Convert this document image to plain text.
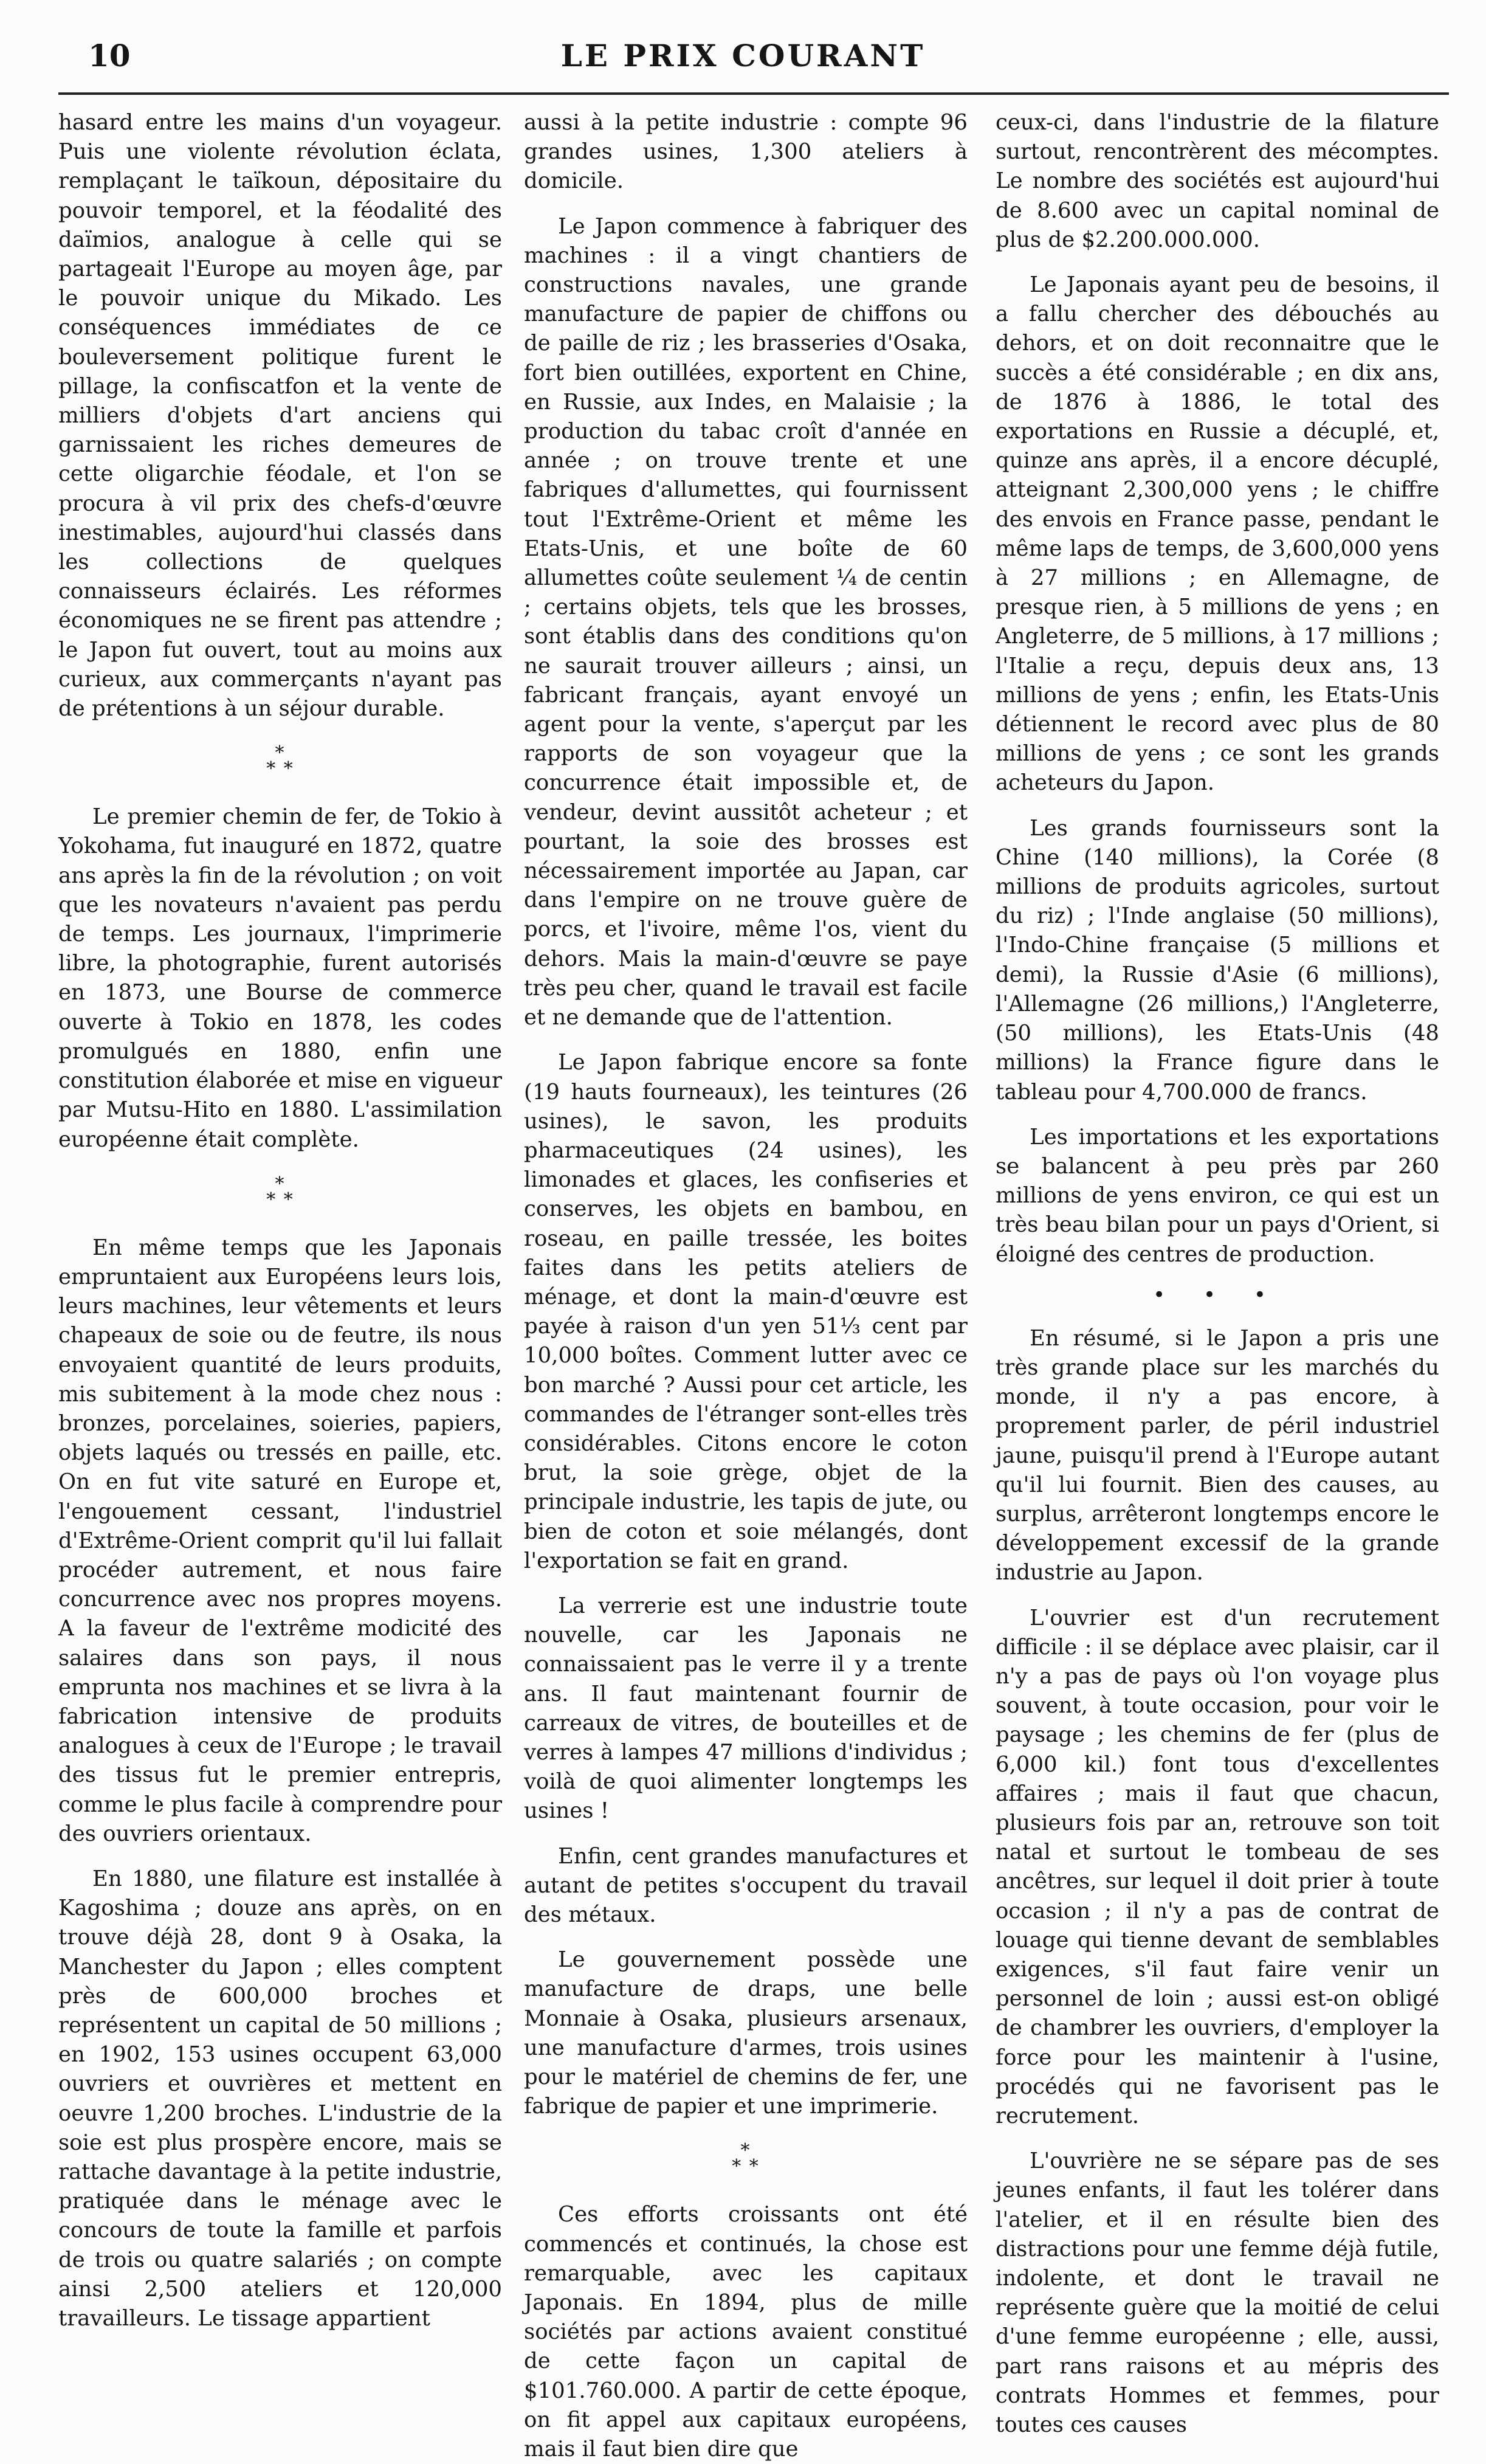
10	LE PRIX COURANT

hasard entre les mains d'un voyageur. Puis une violente révolution éclata, remplaçant le taïkoun, dépositaire du pouvoir temporel, et la féodalité des daïmios, analogue à celle qui se partageait l'Europe au moyen âge, par le pouvoir unique du Mikado. Les conséquences immédiates de ce bouleversement politique furent le pillage, la confiscatfon et la vente de milliers d'objets d'art anciens qui garnissaient les riches demeures de cette oligarchie féodale, et l'on se procura à vil prix des chefs-d'œuvre inestimables, aujourd'hui classés dans les collections de quelques connaisseurs éclairés. Les réformes économiques ne se firent pas attendre ; le Japon fut ouvert, tout au moins aux curieux, aux commerçants n'ayant pas de prétentions à un séjour durable.

*
* *

Le premier chemin de fer, de Tokio à Yokohama, fut inauguré en 1872, quatre ans après la fin de la révolution ; on voit que les novateurs n'avaient pas perdu de temps. Les journaux, l'imprimerie libre, la photographie, furent autorisés en 1873, une Bourse de commerce ouverte à Tokio en 1878, les codes promulgués en 1880, enfin une constitution élaborée et mise en vigueur par Mutsu-Hito en 1880. L'assimilation européenne était complète.

*
* *

En même temps que les Japonais empruntaient aux Européens leurs lois, leurs machines, leur vêtements et leurs chapeaux de soie ou de feutre, ils nous envoyaient quantité de leurs produits, mis subitement à la mode chez nous : bronzes, porcelaines, soieries, papiers, objets laqués ou tressés en paille, etc. On en fut vite saturé en Europe et, l'engouement cessant, l'industriel d'Extrême-Orient comprit qu'il lui fallait procéder autrement, et nous faire concurrence avec nos propres moyens. A la faveur de l'extrême modicité des salaires dans son pays, il nous emprunta nos machines et se livra à la fabrication intensive de produits analogues à ceux de l'Europe ; le travail des tissus fut le premier entrepris, comme le plus facile à comprendre pour des ouvriers orientaux.

En 1880, une filature est installée à Kagoshima ; douze ans après, on en trouve déjà 28, dont 9 à Osaka, la Manchester du Japon ; elles comptent près de 600,000 broches et représentent un capital de 50 millions ; en 1902, 153 usines occupent 63,000 ouvriers et ouvrières et mettent en oeuvre 1,200 broches. L'industrie de la soie est plus prospère encore, mais se rattache davantage à la petite industrie, pratiquée dans le ménage avec le concours de toute la famille et parfois de trois ou quatre salariés ; on compte ainsi 2,500 ateliers et 120,000 travailleurs. Le tissage appartient

aussi à la petite industrie : compte 96 grandes usines, 1,300 ateliers à domicile.

Le Japon commence à fabriquer des machines : il a vingt chantiers de constructions navales, une grande manufacture de papier de chiffons ou de paille de riz ; les brasseries d'Osaka, fort bien outillées, exportent en Chine, en Russie, aux Indes, en Malaisie ; la production du tabac croît d'année en année ; on trouve trente et une fabriques d'allumettes, qui fournissent tout l'Extrême-Orient et même les Etats-Unis, et une boîte de 60 allumettes coûte seulement ¼ de centin ; certains objets, tels que les brosses, sont établis dans des conditions qu'on ne saurait trouver ailleurs ; ainsi, un fabricant français, ayant envoyé un agent pour la vente, s'aperçut par les rapports de son voyageur que la concurrence était impossible et, de vendeur, devint aussitôt acheteur ; et pourtant, la soie des brosses est nécessairement importée au Japan, car dans l'empire on ne trouve guère de porcs, et l'ivoire, même l'os, vient du dehors. Mais la main-d'œuvre se paye très peu cher, quand le travail est facile et ne demande que de l'attention.

Le Japon fabrique encore sa fonte (19 hauts fourneaux), les teintures (26 usines), le savon, les produits pharmaceutiques (24 usines), les limonades et glaces, les confiseries et conserves, les objets en bambou, en roseau, en paille tressée, les boites faites dans les petits ateliers de ménage, et dont la main-d'œuvre est payée à raison d'un yen 51⅓ cent par 10,000 boîtes. Comment lutter avec ce bon marché ? Aussi pour cet article, les commandes de l'étranger sont-elles très considérables. Citons encore le coton brut, la soie grège, objet de la principale industrie, les tapis de jute, ou bien de coton et soie mélangés, dont l'exportation se fait en grand.

La verrerie est une industrie toute nouvelle, car les Japonais ne connaissaient pas le verre il y a trente ans. Il faut maintenant fournir de carreaux de vitres, de bouteilles et de verres à lampes 47 millions d'individus ; voilà de quoi alimenter longtemps les usines !

Enfin, cent grandes manufactures et autant de petites s'occupent du travail des métaux.

Le gouvernement possède une manufacture de draps, une belle Monnaie à Osaka, plusieurs arsenaux, une manufacture d'armes, trois usines pour le matériel de chemins de fer, une fabrique de papier et une imprimerie.

*
* *

Ces efforts croissants ont été commencés et continués, la chose est remarquable, avec les capitaux Japonais. En 1894, plus de mille sociétés par actions avaient constitué de cette façon un capital de $101.760.000. A partir de cette époque, on fit appel aux capitaux européens, mais il faut bien dire que

ceux-ci, dans l'industrie de la filature surtout, rencontrèrent des mécomptes. Le nombre des sociétés est aujourd'hui de 8.600 avec un capital nominal de plus de $2.200.000.000.

Le Japonais ayant peu de besoins, il a fallu chercher des débouchés au dehors, et on doit reconnaitre que le succès a été considérable ; en dix ans, de 1876 à 1886, le total des exportations en Russie a décuplé, et, quinze ans après, il a encore décuplé, atteignant 2,300,000 yens ; le chiffre des envois en France passe, pendant le même laps de temps, de 3,600,000 yens à 27 millions ; en Allemagne, de presque rien, à 5 millions de yens ; en Angleterre, de 5 millions, à 17 millions ; l'Italie a reçu, depuis deux ans, 13 millions de yens ; enfin, les Etats-Unis détiennent le record avec plus de 80 millions de yens ; ce sont les grands acheteurs du Japon.

Les grands fournisseurs sont la Chine (140 millions), la Corée (8 millions de produits agricoles, surtout du riz) ; l'Inde anglaise (50 millions), l'Indo-Chine française (5 millions et demi), la Russie d'Asie (6 millions), l'Allemagne (26 millions,) l'Angleterre, (50 millions), les Etats-Unis (48 millions) la France figure dans le tableau pour 4,700.000 de francs.

Les importations et les exportations se balancent à peu près par 260 millions de yens environ, ce qui est un très beau bilan pour un pays d'Orient, si éloigné des centres de production.

• • •

En résumé, si le Japon a pris une très grande place sur les marchés du monde, il n'y a pas encore, à proprement parler, de péril industriel jaune, puisqu'il prend à l'Europe autant qu'il lui fournit. Bien des causes, au surplus, arrêteront longtemps encore le développement excessif de la grande industrie au Japon.

L'ouvrier est d'un recrutement difficile : il se déplace avec plaisir, car il n'y a pas de pays où l'on voyage plus souvent, à toute occasion, pour voir le paysage ; les chemins de fer (plus de 6,000 kil.) font tous d'excellentes affaires ; mais il faut que chacun, plusieurs fois par an, retrouve son toit natal et surtout le tombeau de ses ancêtres, sur lequel il doit prier à toute occasion ; il n'y a pas de contrat de louage qui tienne devant de semblables exigences, s'il faut faire venir un personnel de loin ; aussi est-on obligé de chambrer les ouvriers, d'employer la force pour les maintenir à l'usine, procédés qui ne favorisent pas le recrutement.

L'ouvrière ne se sépare pas de ses jeunes enfants, il faut les tolérer dans l'atelier, et il en résulte bien des distractions pour une femme déjà futile, indolente, et dont le travail ne représente guère que la moitié de celui d'une femme européenne ; elle, aussi, part rans raisons et au mépris des contrats Hommes et femmes, pour toutes ces causes
